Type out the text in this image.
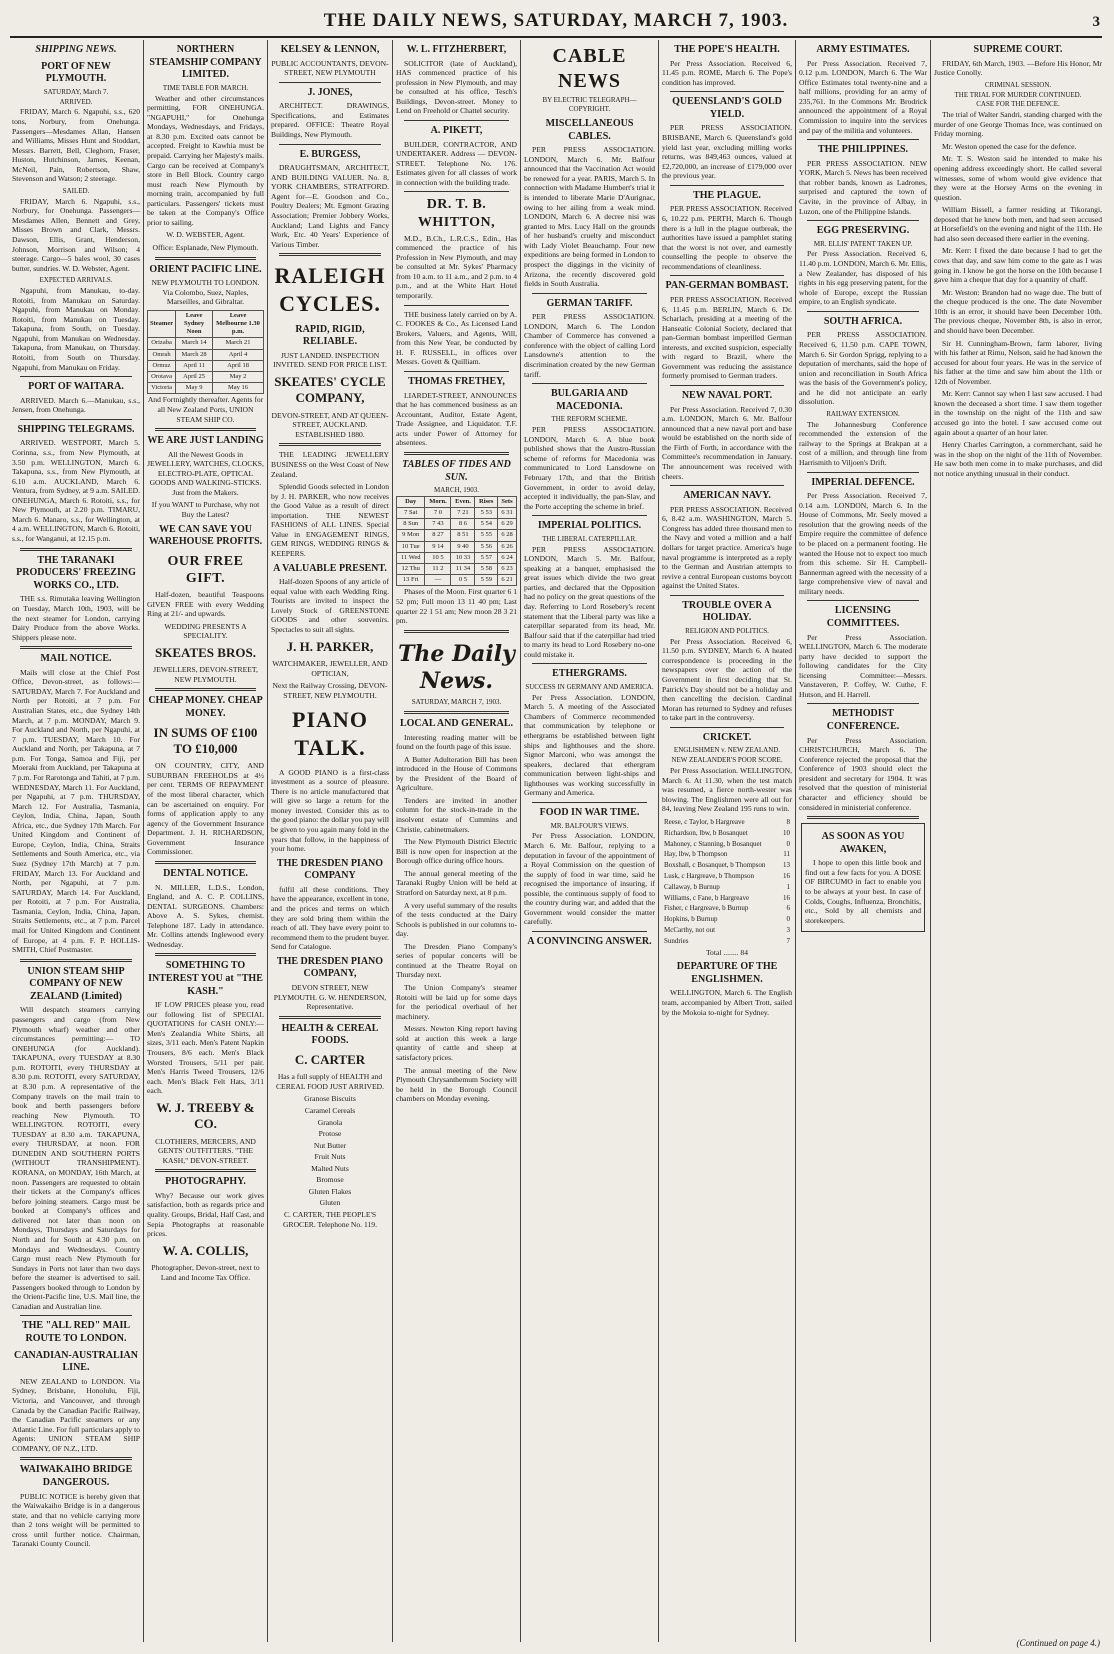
THE DAILY NEWS, SATURDAY, MARCH 7, 1903.	3
SHIPPING NEWS.
PORT OF NEW PLYMOUTH.
SATURDAY, March 7.
ARRIVED.

FRIDAY, March 6. Ngapuhi, s.s., 620 tons, Norbury, from Onehunga. Passengers—Mesdames Allan, Hansen and Williams, Misses Hunt and Stoddart, Messrs. Barrett, Bell, Cleghorn, Fraser, Huston, Hutchinson, James, Keenan, McNeil, Pain, Robertson, Shaw, Stevenson and Watson; 2 steerage.

SAILED.

FRIDAY, March 6. Ngapuhi, s.s., Norbury, for Onehunga. Passengers—Mesdames Allen, Bennett and Grey, Misses Brown and Clark, Messrs. Dawson, Ellis, Grant, Henderson, Johnson, Morrison and Wilson; 4 steerage. Cargo—5 bales wool, 30 cases butter, sundries. W. D. Webster, Agent.

EXPECTED ARRIVALS.

Ngapuhi, from Manukau, to-day. Rotoiti, from Manukau on Saturday. Ngapuhi, from Manukau on Monday. Rotoiti, from Manukau on Tuesday. Takapuna, from South, on Tuesday. Ngapuhi, from Manukau on Wednesday. Takapuna, from Manukau, on Thursday. Rotoiti, from South on Thursday. Ngapuhi, from Manukau on Friday.

PORT OF WAITARA.

ARRIVED. March 6.—Manukau, s.s., Jensen, from Onehunga.

SHIPPING TELEGRAMS.

ARRIVED. WESTPORT, March 5. Corinna, s.s., from New Plymouth, at 3.50 p.m. WELLINGTON, March 6. Takapuna, s.s., from New Plymouth, at 6.10 a.m. AUCKLAND, March 6. Ventura, from Sydney, at 9 a.m. SAILED. ONEHUNGA, March 6. Rotoiti, s.s., for New Plymouth, at 2.20 p.m. TIMARU, March 6. Manaro, s.s., for Wellington, at 4 a.m. WELLINGTON, March 6. Rotoiti, s.s., for Wanganui, at 12.15 p.m.

THE TARANAKI PRODUCERS' FREEZING WORKS CO., LTD.

THE s.s. Rimutaka leaving Wellington on Tuesday, March 10th, 1903, will be the next steamer for London, carrying Dairy Produce from the above Works. Shippers please note.

MAIL NOTICE.

Mails will close at the Chief Post Office, Devon-street, as follows:— SATURDAY, March 7. For Auckland and North per Rotoiti, at 7 p.m. For Australian States, etc., due Sydney 14th March, at 7 p.m. MONDAY, March 9. For Auckland and North, per Ngapuhi, at 7 p.m. TUESDAY, March 10. For Auckland and North, per Takapuna, at 7 p.m. For Tonga, Samoa and Fiji, per Moeraki from Auckland, per Takapuna at 7 p.m. For Rarotonga and Tahiti, at 7 p.m. WEDNESDAY, March 11. For Auckland, per Ngapuhi, at 7 p.m. THURSDAY, March 12. For Australia, Tasmania, Ceylon, India, China, Japan, South Africa, etc., due Sydney 17th March. For United Kingdom and Continent of Europe, Ceylon, India, China, Straits Settlements and South America, etc., via Suez (Sydney 17th March) at 7 p.m. FRIDAY, March 13. For Auckland and North, per Ngapuhi, at 7 p.m. SATURDAY, March 14. For Auckland, per Rotoiti, at 7 p.m. For Australia, Tasmania, Ceylon, India, China, Japan, Straits Settlements, etc., at 7 p.m. Parcel mail for United Kingdom and Continent of Europe, at 4 p.m. F. P. HOLLIS-SMITH, Chief Postmaster.

UNION STEAM SHIP COMPANY OF NEW ZEALAND (Limited)

Will despatch steamers carrying passengers and cargo (from New Plymouth wharf) weather and other circumstances permitting:— TO ONEHUNGA (for Auckland). TAKAPUNA, every TUESDAY at 8.30 p.m. ROTOITI, every THURSDAY at 8.30 p.m. ROTOITI, every SATURDAY, at 8.30 p.m. A representative of the Company travels on the mail train to book and berth passengers before reaching New Plymouth. TO WELLINGTON. ROTOITI, every TUESDAY at 8.30 a.m. TAKAPUNA, every THURSDAY, at noon. FOR DUNEDIN AND SOUTHERN PORTS (WITHOUT TRANSHIPMENT). KORANA, on MONDAY, 16th March, at noon. Passengers are requested to obtain their tickets at the Company's offices before joining steamers. Cargo must be booked at Company's offices and delivered not later than noon on Mondays, Thursdays and Saturdays for North and for South at 4.30 p.m. on Mondays and Wednesdays. Country Cargo must reach New Plymouth for Sundays in Ports not later than two days before the steamer is advertised to sail. Passengers booked through to London by the Orient-Pacific line, U.S. Mail line, the Canadian and Australian line.

THE "ALL RED" MAIL ROUTE TO LONDON.
CANADIAN-AUSTRALIAN LINE.

NEW ZEALAND to LONDON. Via Sydney, Brisbane, Honolulu, Fiji, Victoria, and Vancouver, and through Canada by the Canadian Pacific Railway, the Canadian Pacific steamers or any Atlantic Line. For full particulars apply to Agents: UNION STEAM SHIP COMPANY, OF N.Z., LTD.

WAIWAKAIHO BRIDGE DANGEROUS.

PUBLIC NOTICE is hereby given that the Waiwakaiho Bridge is in a dangerous state, and that no vehicle carrying more than 2 tons weight will be permitted to cross until further notice. Chairman, Taranaki County Council.

NORTHERN STEAMSHIP COMPANY LIMITED.
TIME TABLE FOR MARCH.

Weather and other circumstances permitting, FOR ONEHUNGA. "NGAPUHI," for Onehunga Mondays, Wednesdays, and Fridays, at 8.30 p.m. Excited oats cannot be accepted. Freight to Kawhia must be prepaid. Carrying her Majesty's mails. Cargo can be received at Company's store in Bell Block. Country cargo must reach New Plymouth by morning train, accompanied by full particulars. Passengers' tickets must be taken at the Company's Office prior to sailing.

W. D. WEBSTER, Agent.

Office: Esplanade, New Plymouth.

ORIENT PACIFIC LINE.

NEW PLYMOUTH TO LONDON. Via Colombo, Suez, Naples, Marseilles, and Gibraltar.

Steamer	Leave Sydney Noon	Leave Melbourne 1.30 p.m.
Orizaba	March 14	March 21
Omrah	March 28	April 4
Ormuz	April 11	April 18
Orotava	April 25	May 2
Victoria	May 9	May 16

And Fortnightly thereafter. Agents for all New Zealand Ports, UNION STEAM SHIP CO.

WE ARE JUST LANDING

All the Newest Goods in JEWELLERY, WATCHES, CLOCKS, ELECTRO-PLATE, OPTICAL GOODS AND WALKING-STICKS. Just from the Makers.

If you WANT to Purchase, why not Buy the Latest?

WE CAN SAVE YOU WAREHOUSE PROFITS.
OUR FREE GIFT.

Half-dozen, beautiful Teaspoons GIVEN FREE with every Wedding Ring at 21/- and upwards.

WEDDING PRESENTS A SPECIALITY.

SKEATES BROS.

JEWELLERS, DEVON-STREET, NEW PLYMOUTH.

CHEAP MONEY. CHEAP MONEY.
IN SUMS OF £100 TO £10,000

ON COUNTRY, CITY, AND SUBURBAN FREEHOLDS at 4½ per cent. TERMS OF REPAYMENT of the most liberal character, which can be ascertained on enquiry. For forms of application apply to any agency of the Government Insurance Department. J. H. RICHARDSON, Government Insurance Commissioner.

DENTAL NOTICE.

N. MILLER, L.D.S., London, England, and A. C. P. COLLINS, DENTAL SURGEONS. Chambers: Above A. S. Sykes, chemist. Telephone 187. Lady in attendance. Mr. Collins attends Inglewood every Wednesday.

SOMETHING TO INTEREST YOU at "THE KASH."

IF LOW PRICES please you, read our following list of SPECIAL QUOTATIONS for CASH ONLY:— Men's Zealandia White Shirts, all sizes, 3/11 each. Men's Patent Napkin Trousers, 8/6 each. Men's Black Worsted Trousers, 5/11 per pair. Men's Harris Tweed Trousers, 12/6 each. Men's Black Felt Hats, 3/11 each.

W. J. TREEBY & CO.

CLOTHIERS, MERCERS, AND GENTS' OUTFITTERS. "THE KASH," DEVON-STREET.

PHOTOGRAPHY.

Why? Because our work gives satisfaction, both as regards price and quality. Groups, Bridal, Half Cast, and Sepia Photographs at reasonable prices.

W. A. COLLIS,

Photographer, Devon-street, next to Land and Income Tax Office.

KELSEY & LENNON,

PUBLIC ACCOUNTANTS, DEVON-STREET, NEW PLYMOUTH

J. JONES,

ARCHITECT. DRAWINGS, Specifications, and Estimates prepared. OFFICE: Theatre Royal Buildings, New Plymouth.

E. BURGESS,

DRAUGHTSMAN, ARCHITECT, AND BUILDING VALUER. No. 8, YORK CHAMBERS, STRATFORD. Agent for—E. Goodson and Co., Poultry Dealers; Mt. Egmont Grazing Association; Premier Jobbery Works, Auckland; Land Lights and Fancy Work, Etc. 40 Years' Experience of Various Timber.

RALEIGH CYCLES.
RAPID, RIGID, RELIABLE.

JUST LANDED. INSPECTION INVITED. SEND FOR PRICE LIST.

SKEATES' CYCLE COMPANY,

DEVON-STREET, AND AT QUEEN-STREET, AUCKLAND. ESTABLISHED 1880.

THE LEADING JEWELLERY BUSINESS on the West Coast of New Zealand.

Splendid Goods selected in London by J. H. PARKER, who now receives the Good Value as a result of direct importation. THE NEWEST FASHIONS of ALL LINES. Special Value in ENGAGEMENT RINGS, GEM RINGS, WEDDING RINGS & KEEPERS.

A VALUABLE PRESENT.

Half-dozen Spoons of any article of equal value with each Wedding Ring. Tourists are invited to inspect the Lovely Stock of GREENSTONE GOODS and other souvenirs. Spectacles to suit all sights.

J. H. PARKER,

WATCHMAKER, JEWELLER, AND OPTICIAN,

Next the Railway Crossing, DEVON-STREET, NEW PLYMOUTH.

PIANO TALK.

A GOOD PIANO is a first-class investment as a source of pleasure. There is no article manufactured that will give so large a return for the money invested. Consider this as to the good piano: the dollar you pay will be given to you again many fold in the years that follow, in the happiness of your home.

THE DRESDEN PIANO COMPANY

fulfil all these conditions. They have the appearance, excellent in tone, and the prices and terms on which they are sold bring them within the reach of all. They have every point to recommend them to the prudent buyer. Send for Catalogue.

THE DRESDEN PIANO COMPANY,

DEVON STREET, NEW PLYMOUTH. G. W. HENDERSON, Representative.

HEALTH & CEREAL FOODS.
C. CARTER

Has a full supply of HEALTH and CEREAL FOOD JUST ARRIVED.

Granose Biscuits
Caramel Cereals
Granola
Protose
Nut Butter
Fruit Nuts
Malted Nuts
Bromose
Gluten Flakes
Gluten

C. CARTER, THE PEOPLE'S GROCER. Telephone No. 119.

W. L. FITZHERBERT,

SOLICITOR (late of Auckland), HAS commenced practice of his profession in New Plymouth, and may be consulted at his office, Tesch's Buildings, Devon-street. Money to Lend on Freehold or Chattel security.

A. PIKETT,

BUILDER, CONTRACTOR, AND UNDERTAKER. Address — DEVON-STREET. Telephone No. 176. Estimates given for all classes of work in connection with the building trade.

DR. T. B. WHITTON,

M.D., B.Ch., L.R.C.S., Edin., Has commenced the practice of his Profession in New Plymouth, and may be consulted at Mr. Sykes' Pharmacy from 10 a.m. to 11 a.m., and 2 p.m. to 4 p.m., and at the White Hart Hotel temporarily.

THE business lately carried on by A. C. FOOKES & Co., As Licensed Land Brokers, Valuers, and Agents, Will, from this New Year, be conducted by H. F. RUSSELL, in offices over Messrs. Govett & Quilliam.

THOMAS FRETHEY,

LIARDET-STREET, ANNOUNCES that he has commenced business as an Accountant, Auditor, Estate Agent, Trade Assignee, and Liquidator. T.F. acts under Power of Attorney for absentees.

TABLES OF TIDES AND SUN.
MARCH, 1903.
Day	Morn.	Even.	Rises	Sets
7 Sat	7 0	7 21	5 53	6 31
8 Sun	7 43	8 6	5 54	6 29
9 Mon	8 27	8 51	5 55	6 28
10 Tue	9 14	9 40	5 56	6 26
11 Wed	10 5	10 33	5 57	6 24
12 Thu	11 2	11 34	5 58	6 23
13 Fri	—	0 5	5 59	6 21

Phases of the Moon. First quarter 6 1 52 pm; Full moon 13 11 40 pm; Last quarter 22 1 51 am; New moon 28 3 21 pm.

The Daily News.
SATURDAY, MARCH 7, 1903.
LOCAL AND GENERAL.

Interesting reading matter will be found on the fourth page of this issue.

A Butter Adulteration Bill has been introduced in the House of Commons by the President of the Board of Agriculture.

Tenders are invited in another column for the stock-in-trade in the insolvent estate of Cummins and Christie, cabinetmakers.

The New Plymouth District Electric Bill is now open for inspection at the Borough office during office hours.

The annual general meeting of the Taranaki Rugby Union will be held at Stratford on Saturday next, at 8 p.m.

A very useful summary of the results of the tests conducted at the Dairy Schools is published in our columns to-day.

The Dresden Piano Company's series of popular concerts will be continued at the Theatre Royal on Thursday next.

The Union Company's steamer Rotoiti will be laid up for some days for the periodical overhaul of her machinery.

Messrs. Newton King report having sold at auction this week a large quantity of cattle and sheep at satisfactory prices.

The annual meeting of the New Plymouth Chrysanthemum Society will be held in the Borough Council chambers on Monday evening.

CABLE NEWS
BY ELECTRIC TELEGRAPH—COPYRIGHT.
MISCELLANEOUS CABLES.

PER PRESS ASSOCIATION. LONDON, March 6. Mr. Balfour announced that the Vaccination Act would be renewed for a year. PARIS, March 5. In connection with Madame Humbert's trial it is intended to liberate Marie D'Aurignac, owing to her ailing from a weak mind. LONDON, March 6. A decree nisi was granted to Mrs. Lucy Hall on the grounds of her husband's cruelty and misconduct with Lady Violet Beauchamp. Four new expeditions are being formed in London to prospect the diggings in the vicinity of Arizona, the recently discovered gold fields in South Australia.

GERMAN TARIFF.

PER PRESS ASSOCIATION. LONDON, March 6. The London Chamber of Commerce has convened a conference with the object of calling Lord Lansdowne's attention to the discrimination created by the new German tariff.

BULGARIA AND MACEDONIA.
THE REFORM SCHEME.

PER PRESS ASSOCIATION. LONDON, March 6. A blue book published shows that the Austro-Russian scheme of reforms for Macedonia was communicated to Lord Lansdowne on February 17th, and that the British Government, in order to avoid delay, accepted it individually, the pan-Slav, and the Porte accepting the scheme in brief.

IMPERIAL POLITICS.
THE LIBERAL CATERPILLAR.

PER PRESS ASSOCIATION. LONDON, March 5. Mr. Balfour, speaking at a banquet, emphasised the great issues which divide the two great parties, and declared that the Opposition had no policy on the great questions of the day. Referring to Lord Rosebery's recent statement that the Liberal party was like a caterpillar separated from its head, Mr. Balfour said that if the caterpillar had tried to marry its head to Lord Rosebery no-one could mistake it.

ETHERGRAMS.
SUCCESS IN GERMANY AND AMERICA.

Per Press Association. LONDON, March 5. A meeting of the Associated Chambers of Commerce recommended that communication by telephone or ethergrams be established between light ships and lighthouses and the shore. Signor Marconi, who was amongst the speakers, declared that ethergram communication between light-ships and lighthouses was working successfully in Germany and America.

FOOD IN WAR TIME.
MR. BALFOUR'S VIEWS.

Per Press Association. LONDON, March 6. Mr. Balfour, replying to a deputation in favour of the appointment of a Royal Commission on the question of the supply of food in war time, said he recognised the importance of insuring, if possible, the continuous supply of food to the country during war, and added that the Government would consider the matter carefully.

A CONVINCING ANSWER.
THE POPE'S HEALTH.

Per Press Association. Received 6, 11.45 p.m. ROME, March 6. The Pope's condition has improved.

QUEENSLAND'S GOLD YIELD.

PER PRESS ASSOCIATION. BRISBANE, March 6. Queensland's gold yield last year, excluding milling works returns, was 849,463 ounces, valued at £2,720,000, an increase of £179,000 over the previous year.

THE PLAGUE.

PER PRESS ASSOCIATION. Received 6, 10.22 p.m. PERTH, March 6. Though there is a lull in the plague outbreak, the authorities have issued a pamphlet stating that the worst is not over, and earnestly counselling the people to observe the recommendations of cleanliness.

PAN-GERMAN BOMBAST.

PER PRESS ASSOCIATION. Received 6, 11.45 p.m. BERLIN, March 6. Dr. Scharlach, presiding at a meeting of the Hanseatic Colonial Society, declared that pan-German bombast imperilled German interests, and excited suspicion, especially with regard to Brazil, where the Government was reducing the assistance formerly promised to German traders.

NEW NAVAL PORT.

Per Press Association. Received 7, 0.30 a.m. LONDON, March 6. Mr. Balfour announced that a new naval port and base would be established on the north side of the Firth of Forth, in accordance with the Committee's recommendation in January. The announcement was received with cheers.

AMERICAN NAVY.

PER PRESS ASSOCIATION. Received 6, 8.42 a.m. WASHINGTON, March 5. Congress has added three thousand men to the Navy and voted a million and a half dollars for target practice. America's huge naval programme is interpreted as a reply to the German and Austrian attempts to revive a central European customs boycott against the United States.

TROUBLE OVER A HOLIDAY.
RELIGION AND POLITICS.

Per Press Association. Received 6, 11.50 p.m. SYDNEY, March 6. A heated correspondence is proceeding in the newspapers over the action of the Government in first deciding that St. Patrick's Day should not be a holiday and then cancelling the decision. Cardinal Moran has returned to Sydney and refuses to take part in the controversy.

CRICKET.
ENGLISHMEN v. NEW ZEALAND.
NEW ZEALANDER'S POOR SCORE.

Per Press Association. WELLINGTON, March 6. At 11.30, when the test match was resumed, a fierce north-wester was blowing. The Englishmen were all out for 84, leaving New Zealand 195 runs to win.

Reese, c Taylor, b Hargreave	8
Richardson, lbw, b Bosanquet	10
Mahoney, c Stanning, b Bosanquet	0
Hay, lbw, b Thompson	11
Boxshall, c Bosanquet, b Thompson	13
Lusk, c Hargreave, b Thompson	16
Callaway, b Burnup	1
Williams, c Fane, b Hargreave	16
Fisher, c Hargreave, b Burnup	6
Hopkins, b Burnup	0
McCarthy, not out	3
Sundries	7

Total ........ 84

DEPARTURE OF THE ENGLISHMEN.

WELLINGTON, March 6. The English team, accompanied by Albert Trott, sailed by the Mokoia to-night for Sydney.

ARMY ESTIMATES.

Per Press Association. Received 7, 0.12 p.m. LONDON, March 6. The War Office Estimates total twenty-nine and a half millions, providing for an army of 235,761. In the Commons Mr. Brodrick announced the appointment of a Royal Commission to inquire into the services and pay of the militia and volunteers.

THE PHILIPPINES.

PER PRESS ASSOCIATION. NEW YORK, March 5. News has been received that robber bands, known as Ladrones, surprised and captured the town of Cavite, in the province of Albay, in Luzon, one of the Philippine Islands.

EGG PRESERVING.
MR. ELLIS' PATENT TAKEN UP.

Per Press Association. Received 6, 11.40 p.m. LONDON, March 6. Mr. Ellis, a New Zealander, has disposed of his rights in his egg preserving patent, for the whole of Europe, except the Russian empire, to an English syndicate.

SOUTH AFRICA.

PER PRESS ASSOCIATION. Received 6, 11.50 p.m. CAPE TOWN, March 6. Sir Gordon Sprigg, replying to a deputation of merchants, said the hope of union and reconciliation in South Africa was the basis of the Government's policy, and he did not anticipate an early dissolution.

RAILWAY EXTENSION.

The Johannesburg Conference recommended the extension of the railway to the Springs at Brakpan at a cost of a million, and through line from Harrismith to Viljoen's Drift.

IMPERIAL DEFENCE.

Per Press Association. Received 7, 0.14 a.m. LONDON, March 6. In the House of Commons, Mr. Seely moved a resolution that the growing needs of the Empire require the committee of defence to be placed on a permanent footing. He wanted the House not to expect too much from this scheme. Sir H. Campbell-Bannerman agreed with the necessity of a large comprehensive view of naval and military needs.

LICENSING COMMITTEES.

Per Press Association. WELLINGTON, March 6. The moderate party have decided to support the following candidates for the City licensing Committee:—Messrs. Vanstaveren, P. Coffey, W. Cuthe, F. Hutson, and H. Harrell.

METHODIST CONFERENCE.

Per Press Association. CHRISTCHURCH, March 6. The Conference rejected the proposal that the Conference of 1903 should elect the president and secretary for 1904. It was resolved that the question of ministerial character and efficiency should be considered in ministerial conference.

AS SOON AS YOU AWAKEN,

I hope to open this little book and find out a few facts for you. A DOSE OF BIRCUMO in fact to enable you to be always at your best. In case of Colds, Coughs, Influenza, Bronchitis, etc., Sold by all chemists and storekeepers.

SUPREME COURT.

FRIDAY, 6th March, 1903. —Before His Honor, Mr Justice Conolly.

CRIMINAL SESSION.
THE TRIAL FOR MURDER CONTINUED.
CASE FOR THE DEFENCE.

The trial of Walter Sandri, standing charged with the murder of one George Thomas Ince, was continued on Friday morning.

Mr. Weston opened the case for the defence.

Mr. T. S. Weston said he intended to make his opening address exceedingly short. He called several witnesses, some of whom would give evidence that they were at the Horsey Arms on the evening in question.

William Bissell, a farmer residing at Tikorangi, deposed that he knew both men, and had seen accused at Horsefield's on the evening and night of the 11th. He had also seen deceased there earlier in the evening.

Mr. Kerr: I fixed the date because I had to get the cows that day, and saw him come to the gate as I was going in. I know he got the horse on the 10th because I gave him a cheque that day for a quantity of chaff.

Mr. Weston: Brandon had no wage due. The butt of the cheque produced is the one. The date November 10th is an error, it should have been December 10th. The previous cheque, November 8th, is also in error, and should have been December.

Sir H. Cunningham-Brown, farm laborer, living with his father at Rimu, Nelson, said he had known the accused for about four years. He was in the service of his father at the time and saw him about the 11th or 12th of November.

Mr. Kerr: Cannot say when I last saw accused. I had known the deceased a short time. I saw them together in the township on the night of the 11th and saw accused go into the hotel. I saw accused come out again about a quarter of an hour later.

Henry Charles Carrington, a cornmerchant, said he was in the shop on the night of the 11th of November. He saw both men come in to make purchases, and did not notice anything unusual in their conduct.

(Continued on page 4.)
